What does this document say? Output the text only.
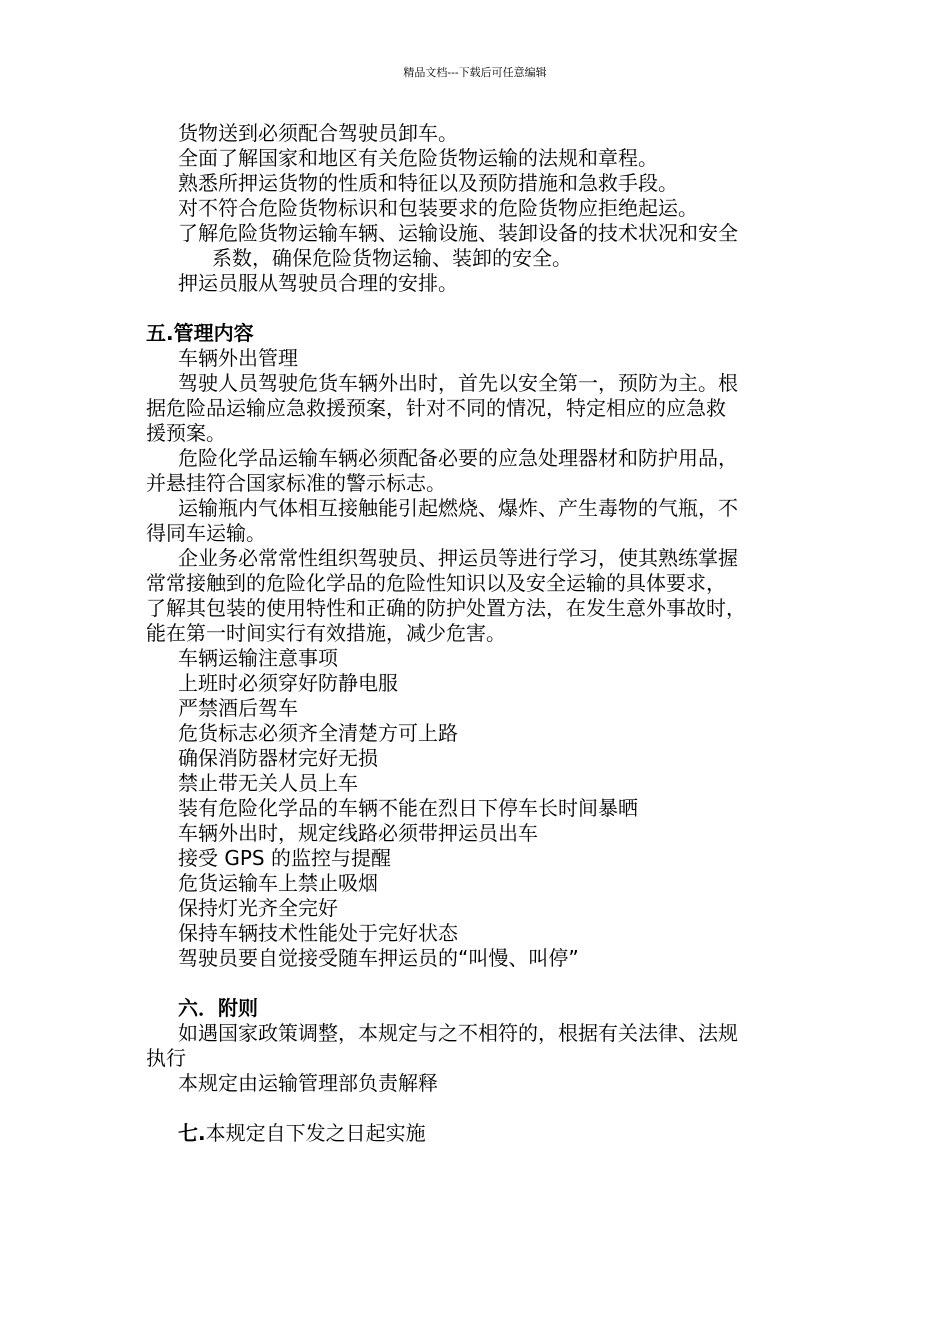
精品文档---下载后可任意编辑
货物送到必须配合驾驶员卸车。
全面了解国家和地区有关危险货物运输的法规和章程。
熟悉所押运货物的性质和特征以及预防措施和急救手段。
对不符合危险货物标识和包装要求的危险货物应拒绝起运。
了解危险货物运输车辆、运输设施、装卸设备的技术状况和安全
系数，确保危险货物运输、装卸的安全。
押运员服从驾驶员合理的安排。
五.管理内容
车辆外出管理
驾驶人员驾驶危货车辆外出时，首先以安全第一，预防为主。根
据危险品运输应急救援预案，针对不同的情况，特定相应的应急救
援预案。
危险化学品运输车辆必须配备必要的应急处理器材和防护用品，
并悬挂符合国家标准的警示标志。
运输瓶内气体相互接触能引起燃烧、爆炸、产生毒物的气瓶，不
得同车运输。
企业务必常常性组织驾驶员、押运员等进行学习，使其熟练掌握
常常接触到的危险化学品的危险性知识以及安全运输的具体要求，
了解其包装的使用特性和正确的防护处置方法，在发生意外事故时，
能在第一时间实行有效措施，减少危害。
车辆运输注意事项
上班时必须穿好防静电服
严禁酒后驾车
危货标志必须齐全清楚方可上路
确保消防器材完好无损
禁止带无关人员上车
装有危险化学品的车辆不能在烈日下停车长时间暴晒
车辆外出时，规定线路必须带押运员出车
接受 GPS 的监控与提醒
危货运输车上禁止吸烟
保持灯光齐全完好
保持车辆技术性能处于完好状态
驾驶员要自觉接受随车押运员的“叫慢、叫停”
六．附则
如遇国家政策调整，本规定与之不相符的，根据有关法律、法规
执行
本规定由运输管理部负责解释
七.本规定自下发之日起实施
